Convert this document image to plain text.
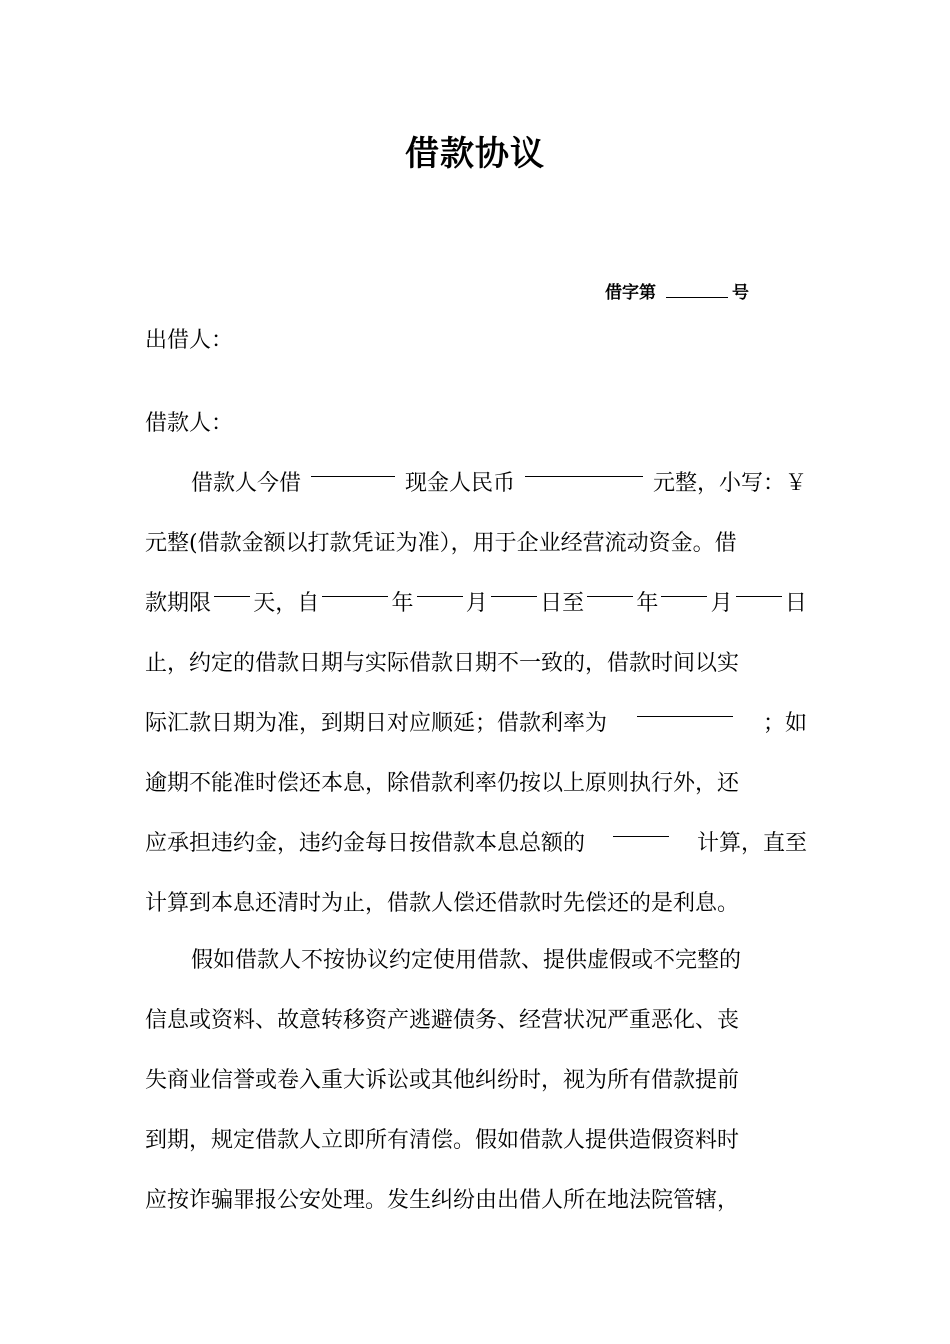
借款协议
借字第	号
出借人：
借款人：
借款人今借	现金人民币	元整，小写：￥
元整(借款金额以打款凭证为准），用于企业经营流动资金。借
款期限 天，自	年 月 日至 年 月 日
止，约定的借款日期与实际借款日期不一致的，借款时间以实
际汇款日期为准，到期日对应顺延；借款利率为	；如
逾期不能准时偿还本息，除借款利率仍按以上原则执行外，还
应承担违约金，违约金每日按借款本息总额的	计算，直至
计算到本息还清时为止，借款人偿还借款时先偿还的是利息。
假如借款人不按协议约定使用借款、提供虚假或不完整的
信息或资料、故意转移资产逃避债务、经营状况严重恶化、丧
失商业信誉或卷入重大诉讼或其他纠纷时，视为所有借款提前
到期，规定借款人立即所有清偿。假如借款人提供造假资料时
应按诈骗罪报公安处理。发生纠纷由出借人所在地法院管辖，
